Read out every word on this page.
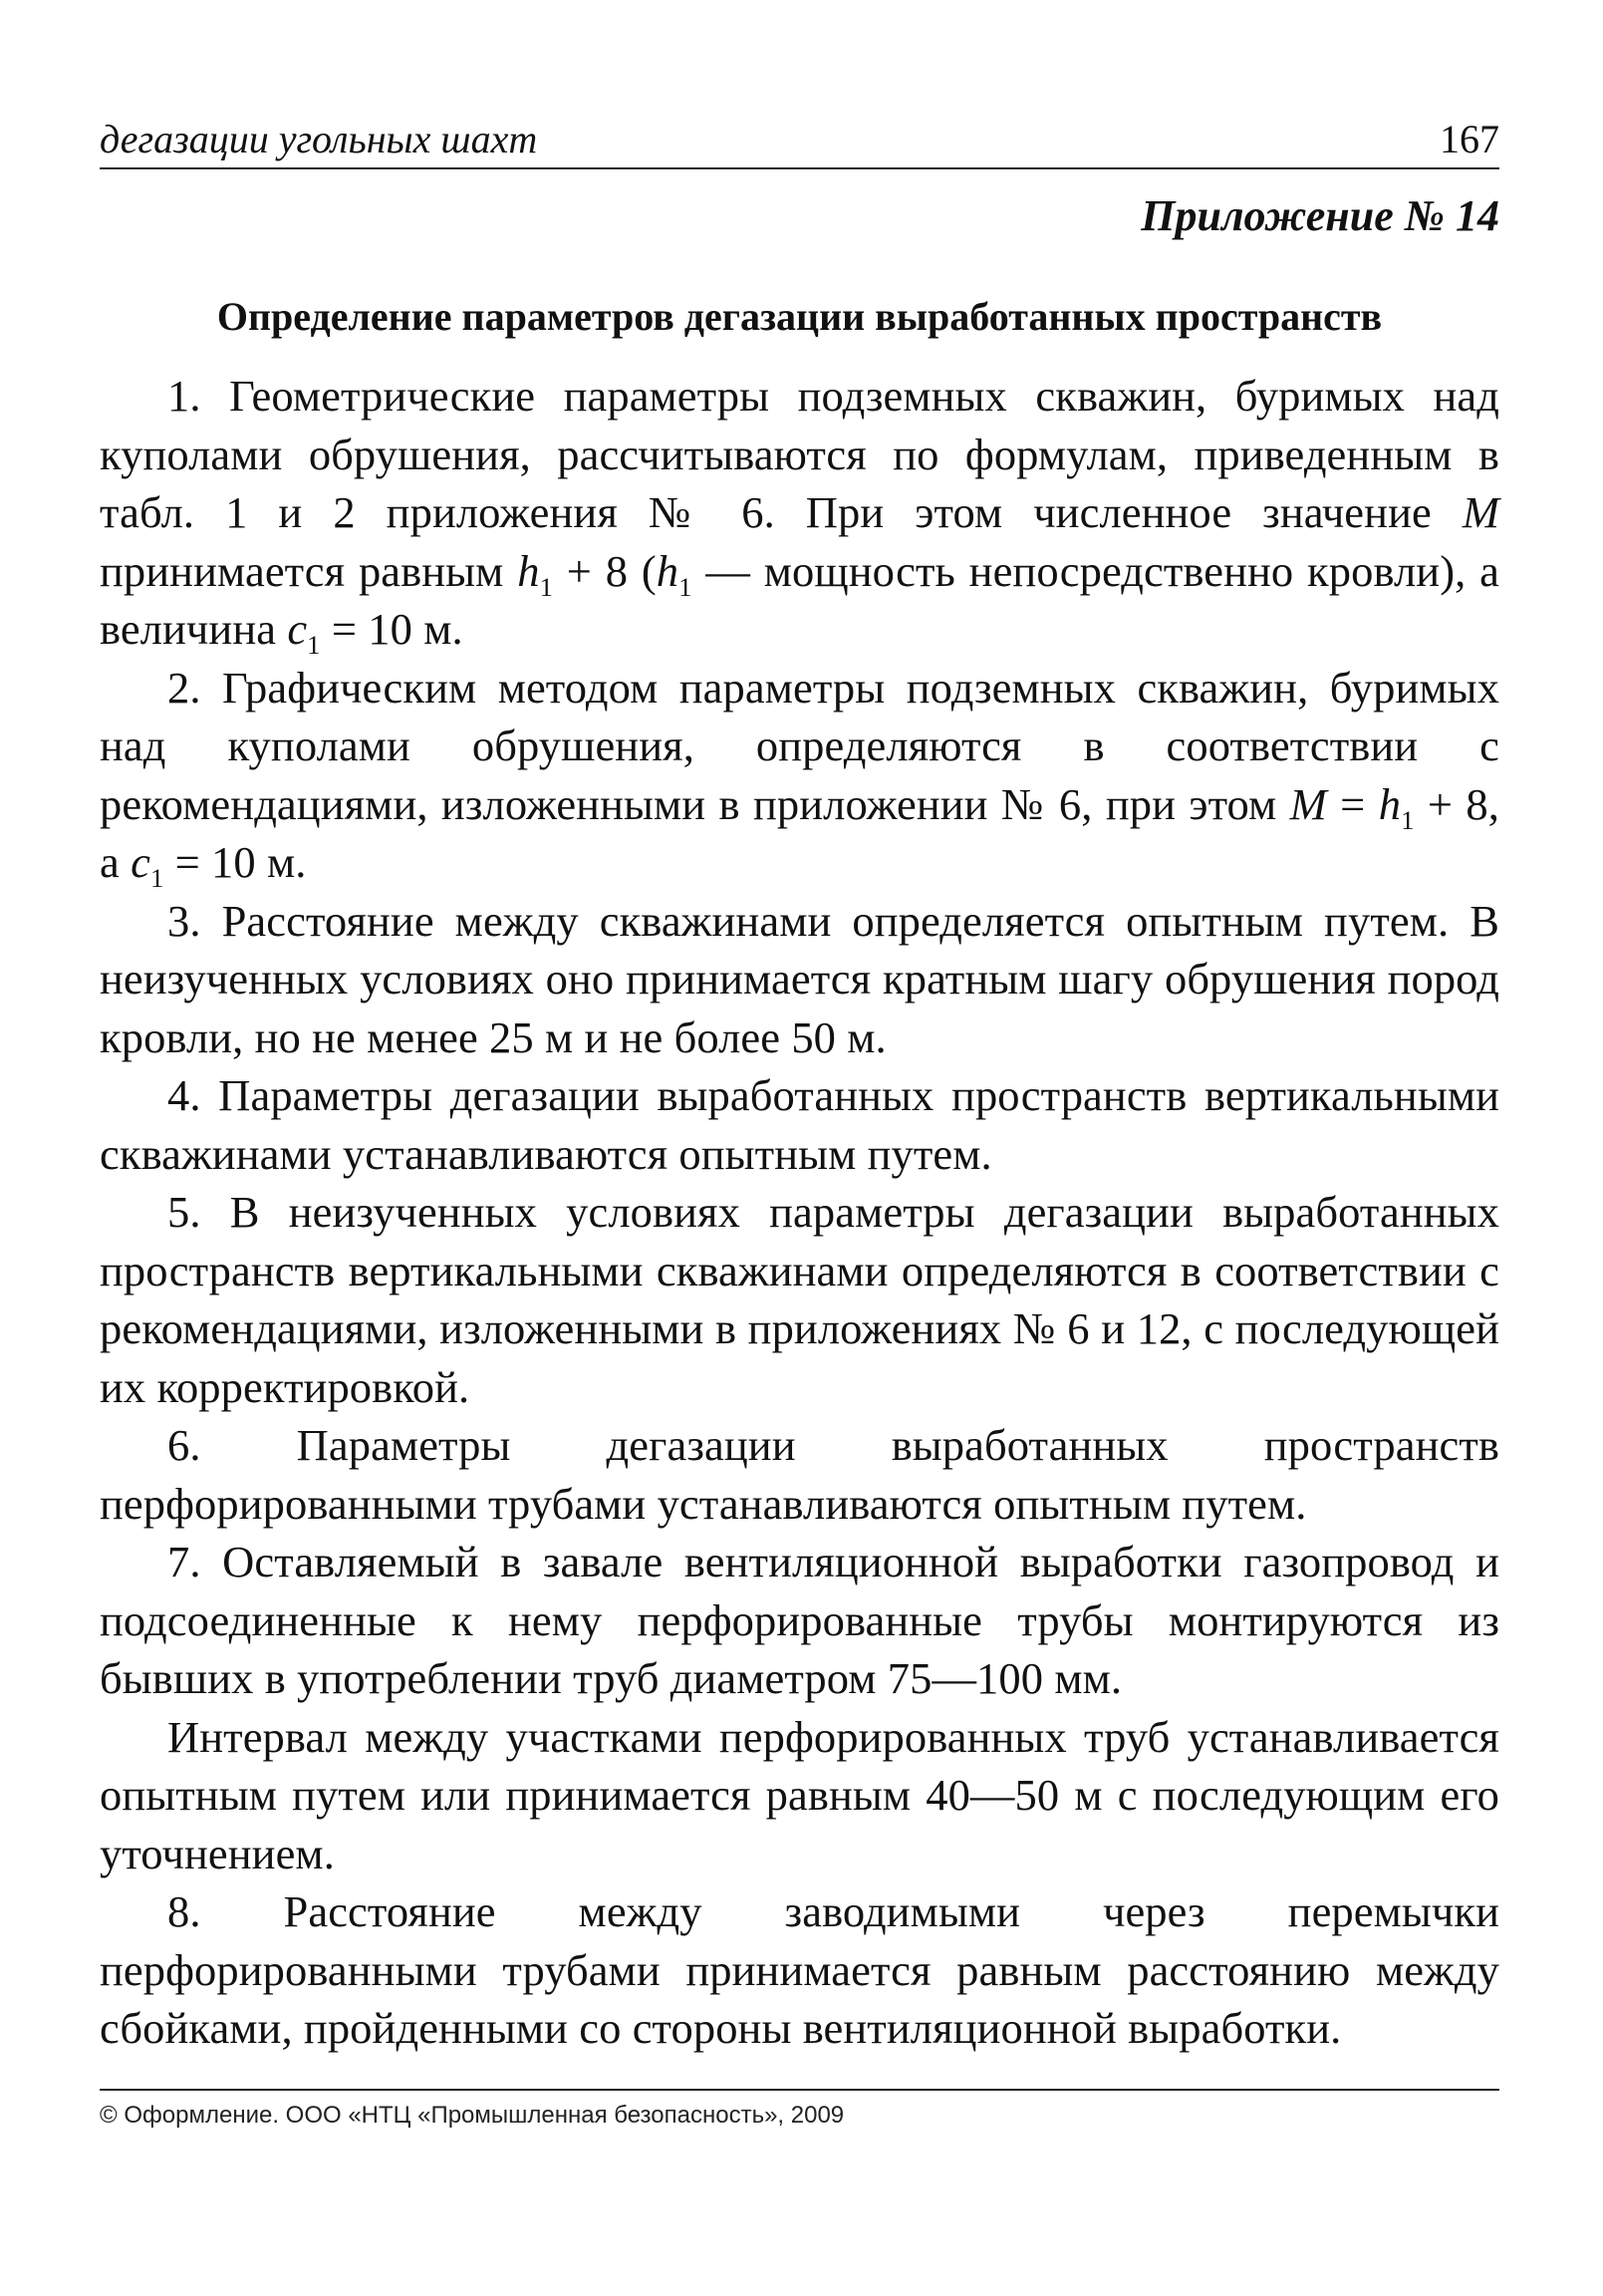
дегазации угольных шахт	167
Приложение № 14
Определение параметров дегазации выработанных пространств

1. Геометрические параметры подземных скважин, буримых над куполами обрушения, рассчитываются по формулам, приведенным в табл. 1 и 2 приложения № 6. При этом численное значение M принимается равным $h_1 + 8$ ($h_1$ — мощность непосредственно кровли), а величина $c_1 = 10$ м.

2. Графическим методом параметры подземных скважин, буримых над куполами обрушения, определяются в соответствии с рекомендациями, изложенными в приложении № 6, при этом $M = h_1 + 8$, а $c_1 = 10$ м.

3. Расстояние между скважинами определяется опытным путем. В неизученных условиях оно принимается кратным шагу обрушения пород кровли, но не менее 25 м и не более 50 м.

4. Параметры дегазации выработанных пространств вертикальными скважинами устанавливаются опытным путем.

5. В неизученных условиях параметры дегазации выработанных пространств вертикальными скважинами определяются в соответствии с рекомендациями, изложенными в приложениях № 6 и 12, с последующей их корректировкой.

6. Параметры дегазации выработанных пространств перфорированными трубами устанавливаются опытным путем.

7. Оставляемый в завале вентиляционной выработки газопровод и подсоединенные к нему перфорированные трубы монтируются из бывших в употреблении труб диаметром 75—100 мм.

Интервал между участками перфорированных труб устанавливается опытным путем или принимается равным 40—50 м с последующим его уточнением.

8. Расстояние между заводимыми через перемычки перфорированными трубами принимается равным расстоянию между сбойками, пройденными со стороны вентиляционной выработки.

© Оформление. ООО «НТЦ «Промышленная безопасность», 2009
